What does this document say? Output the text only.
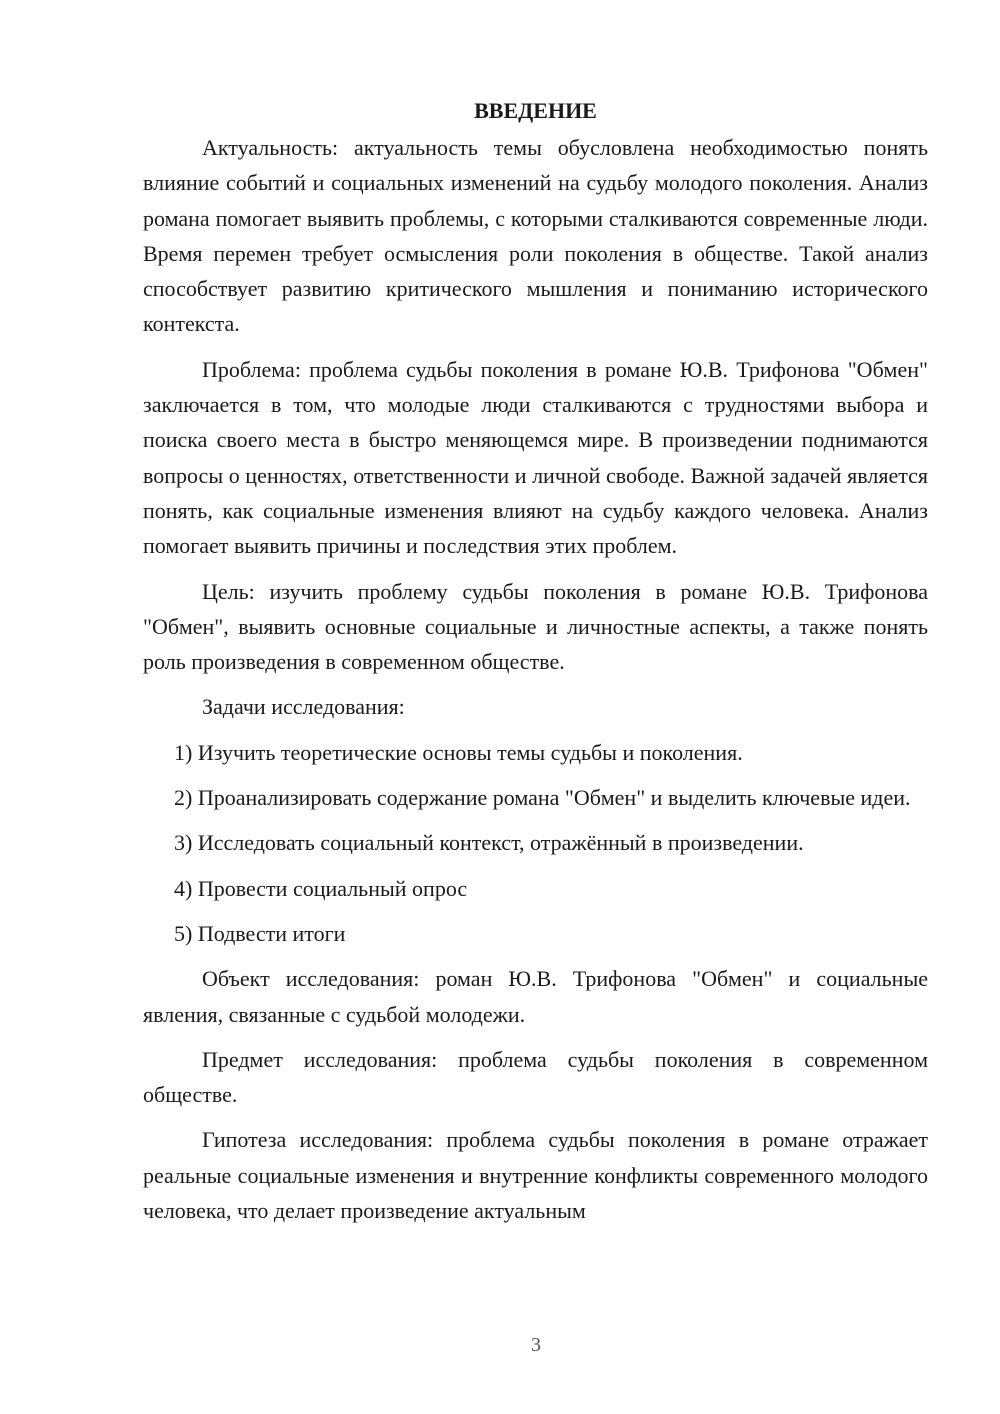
ВВЕДЕНИЕ

Актуальность: актуальность темы обусловлена необходимостью понять влияние событий и социальных изменений на судьбу молодого поколения. Анализ романа помогает выявить проблемы, с которыми сталкиваются современные люди. Время перемен требует осмысления роли поколения в обществе. Такой анализ способствует развитию критического мышления и пониманию исторического контекста.

Проблема: проблема судьбы поколения в романе Ю.В. Трифонова "Обмен" заключается в том, что молодые люди сталкиваются с трудностями выбора и поиска своего места в быстро меняющемся мире. В произведении поднимаются вопросы о ценностях, ответственности и личной свободе. Важной задачей является понять, как социальные изменения влияют на судьбу каждого человека. Анализ помогает выявить причины и последствия этих проблем.

Цель: изучить проблему судьбы поколения в романе Ю.В. Трифонова "Обмен", выявить основные социальные и личностные аспекты, а также понять роль произведения в современном обществе.

Задачи исследования:

1) Изучить теоретические основы темы судьбы и поколения.

2) Проанализировать содержание романа "Обмен" и выделить ключевые идеи.

3) Исследовать социальный контекст, отражённый в произведении.

4) Провести социальный опрос

5) Подвести итоги

Объект исследования: роман Ю.В. Трифонова "Обмен" и социальные явления, связанные с судьбой молодежи.

Предмет исследования: проблема судьбы поколения в современном обществе.

Гипотеза исследования: проблема судьбы поколения в романе отражает реальные социальные изменения и внутренние конфликты современного молодого человека, что делает произведение актуальным

3
